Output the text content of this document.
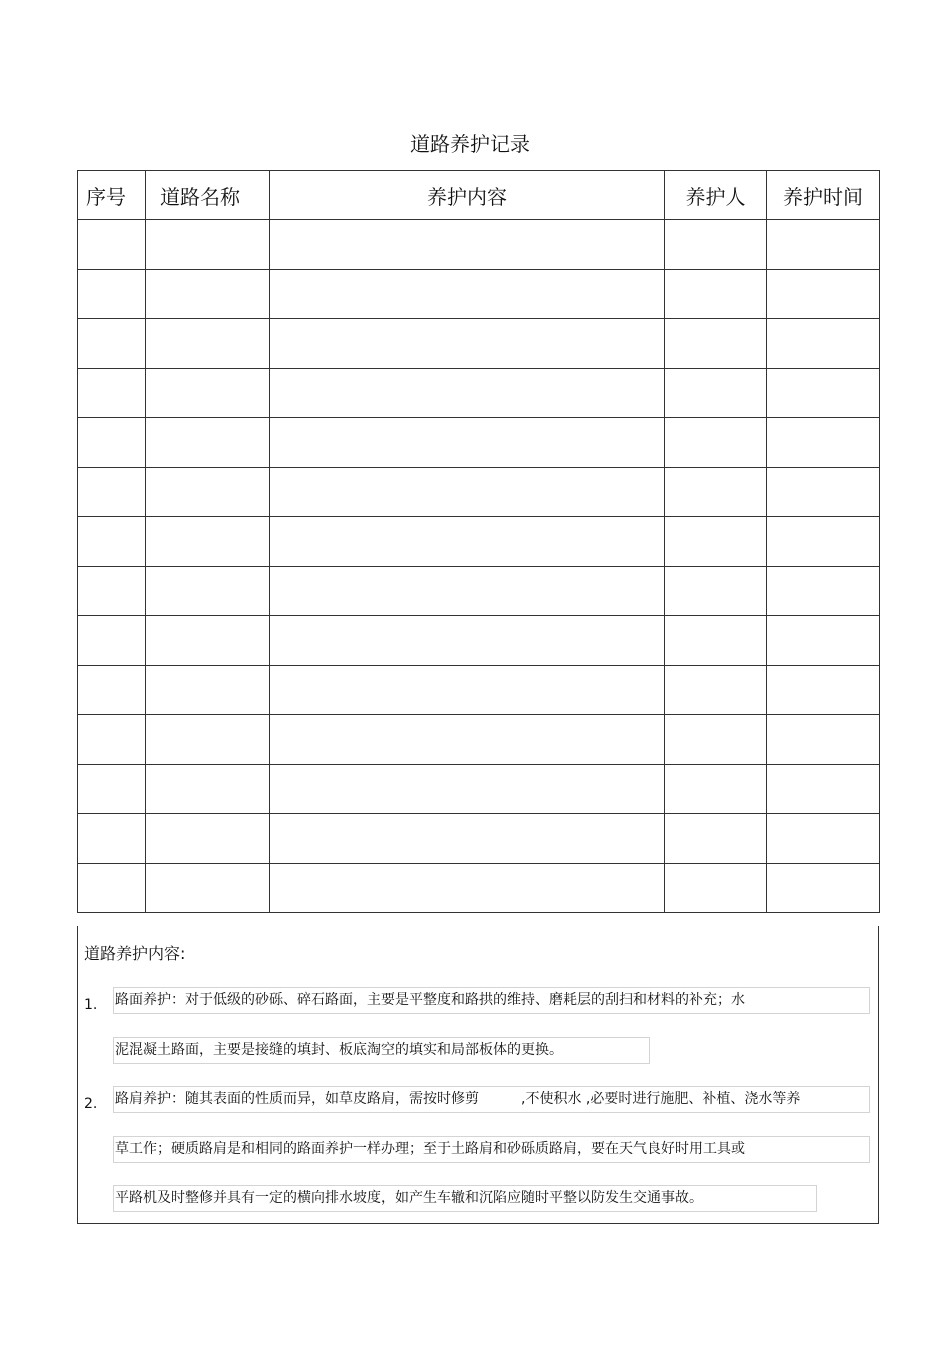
道路养护记录
序号	道路名称	养护内容	养护人	养护时间

道路养护内容:
1. 路面养护：对于低级的砂砾、碎石路面，主要是平整度和路拱的维持、磨耗层的刮扫和材料的补充；水
泥混凝土路面，主要是接缝的填封、板底淘空的填实和局部板体的更换。
2. 路肩养护：随其表面的性质而异，如草皮路肩，需按时修剪　　　,不使积水 ,必要时进行施肥、补植、浇水等养
草工作；硬质路肩是和相同的路面养护一样办理；至于土路肩和砂砾质路肩，要在天气良好时用工具或
平路机及时整修并具有一定的横向排水坡度，如产生车辙和沉陷应随时平整以防发生交通事故。
